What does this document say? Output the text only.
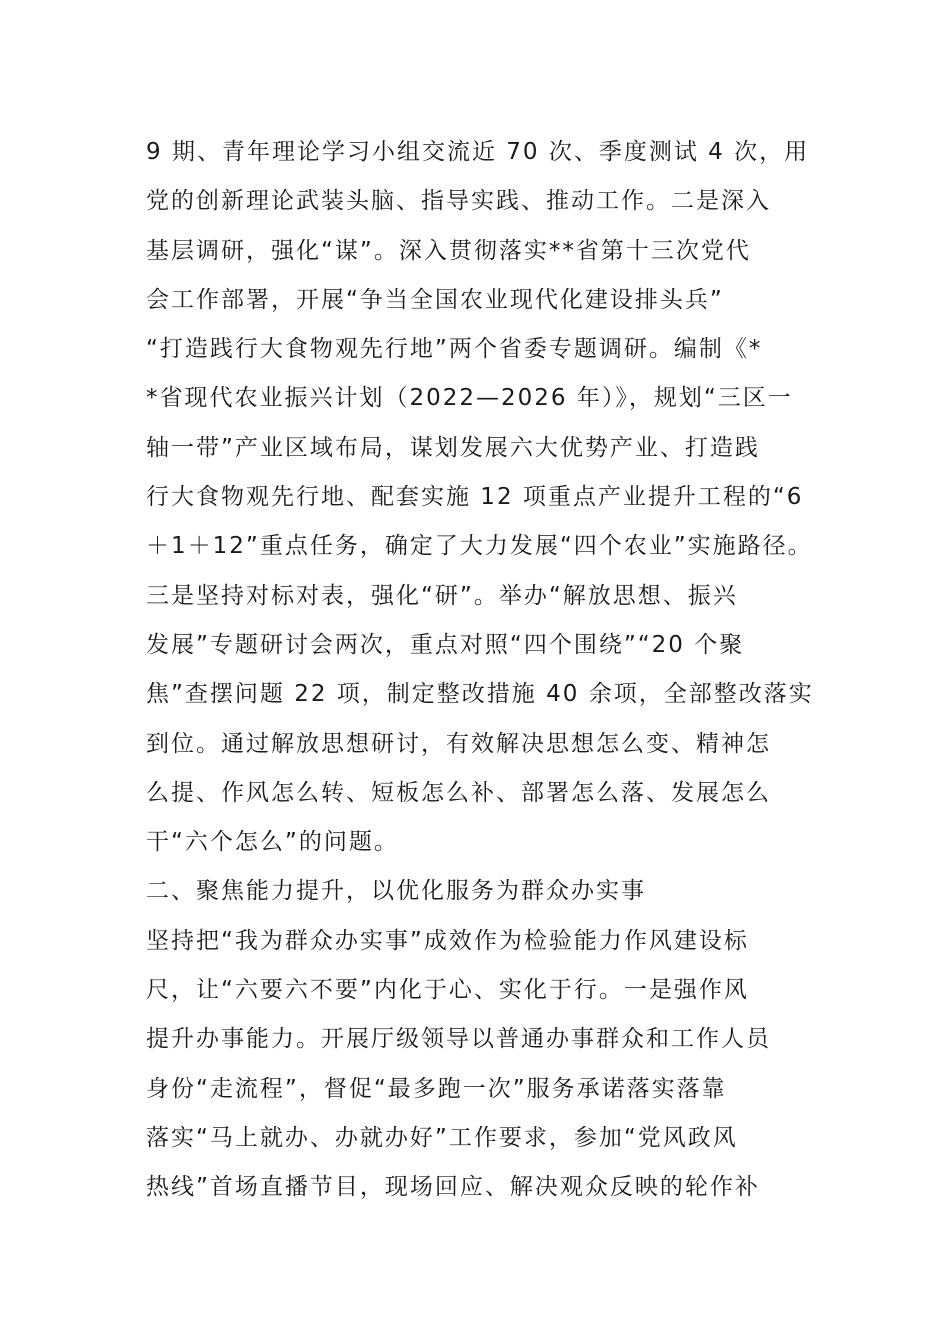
9 期、青年理论学习小组交流近 70 次、季度测试 4 次，用
党的创新理论武装头脑、指导实践、推动工作。二是深入
基层调研，强化“谋”。深入贯彻落实**省第十三次党代
会工作部署，开展“争当全国农业现代化建设排头兵”
“打造践行大食物观先行地”两个省委专题调研。编制《*
*省现代农业振兴计划（2022—2026 年）》，规划“三区一
轴一带”产业区域布局，谋划发展六大优势产业、打造践
行大食物观先行地、配套实施 12 项重点产业提升工程的“6
＋1＋12”重点任务，确定了大力发展“四个农业”实施路径。
三是坚持对标对表，强化“研”。举办“解放思想、振兴
发展”专题研讨会两次，重点对照“四个围绕”“20 个聚
焦”查摆问题 22 项，制定整改措施 40 余项，全部整改落实
到位。通过解放思想研讨，有效解决思想怎么变、精神怎
么提、作风怎么转、短板怎么补、部署怎么落、发展怎么
干“六个怎么”的问题。
二、聚焦能力提升，以优化服务为群众办实事
坚持把“我为群众办实事”成效作为检验能力作风建设标
尺，让“六要六不要”内化于心、实化于行。一是强作风
提升办事能力。开展厅级领导以普通办事群众和工作人员
身份“走流程”，督促“最多跑一次”服务承诺落实落靠
落实“马上就办、办就办好”工作要求，参加“党风政风
热线”首场直播节目，现场回应、解决观众反映的轮作补
